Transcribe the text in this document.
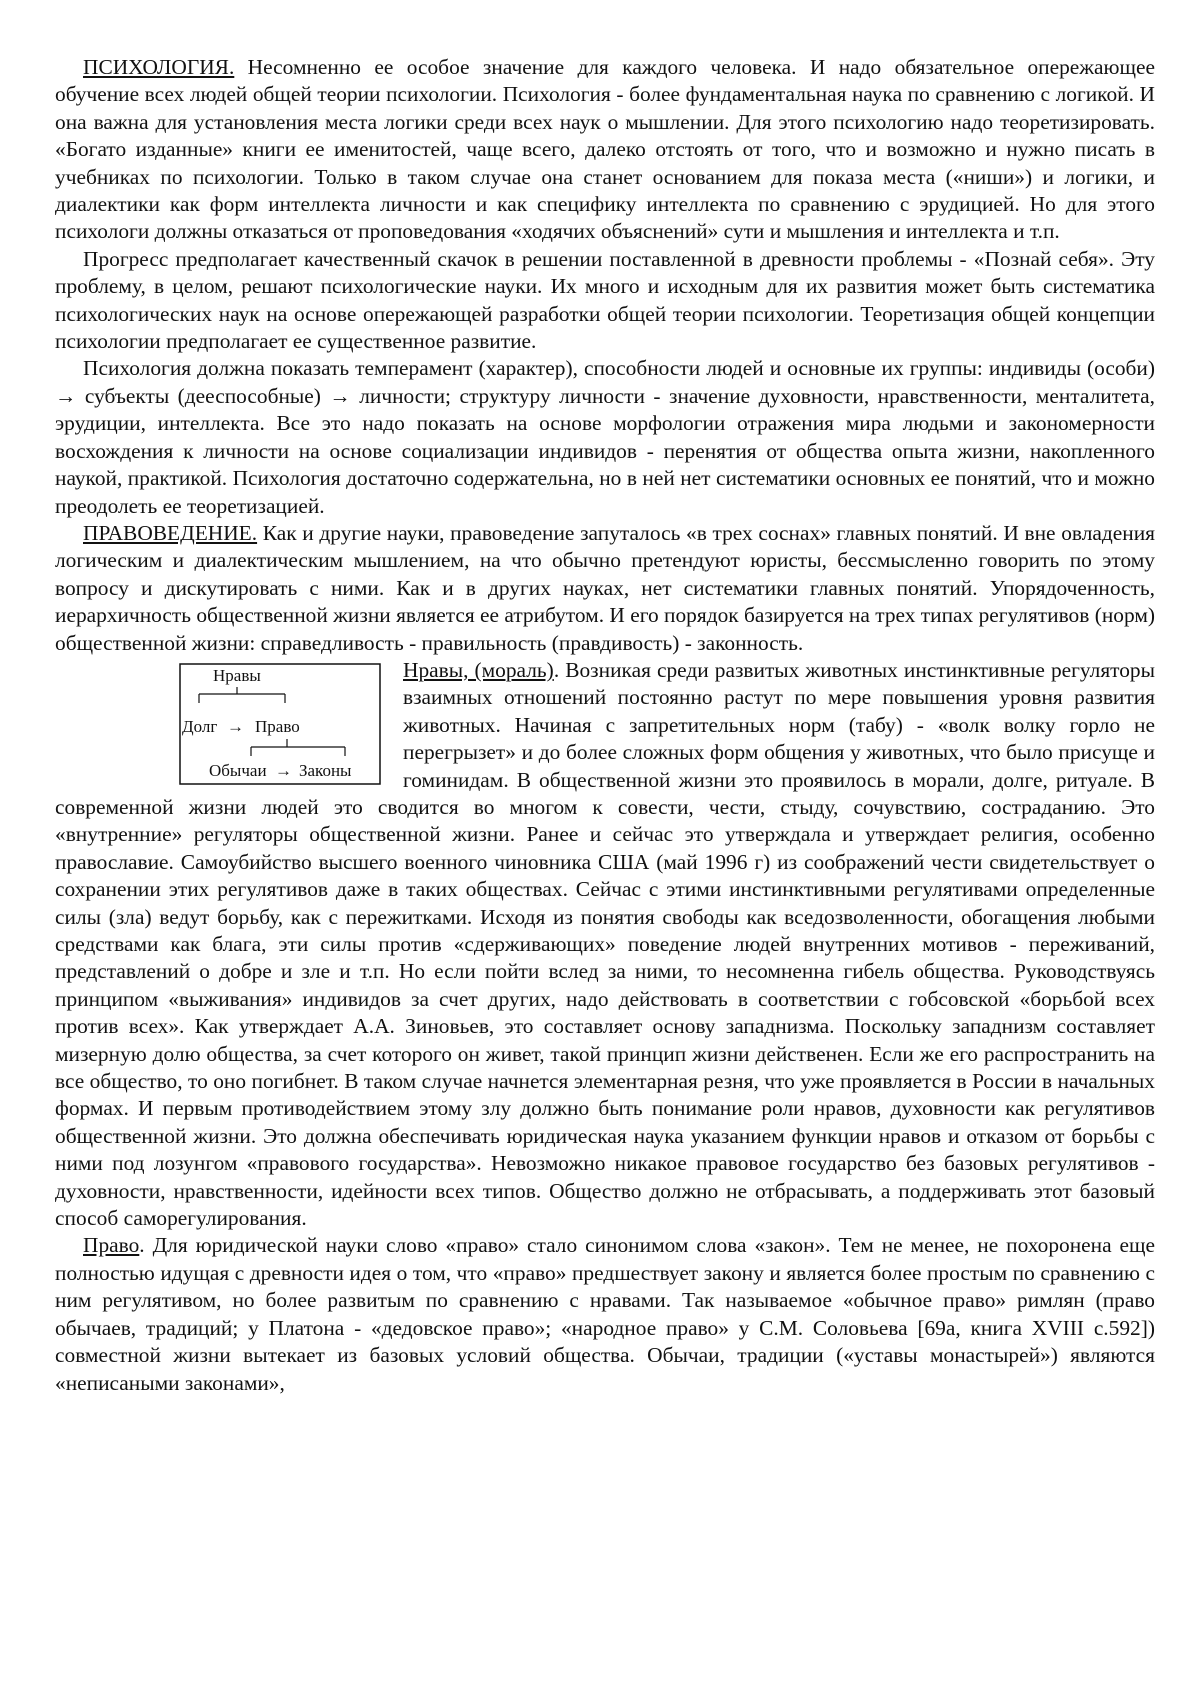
ПСИХОЛОГИЯ. Несомненно ее особое значение для каждого человека. И надо обязательное опережающее обучение всех людей общей теории психологии. Психология - более фундаментальная наука по сравнению с логикой. И она важна для установления места логики среди всех наук о мышлении. Для этого психологию надо теоретизировать. «Богато изданные» книги ее именитостей, чаще всего, далеко отстоять от того, что и возможно и нужно писать в учебниках по психологии. Только в таком случае она станет основанием для показа места («ниши») и логики, и диалектики как форм интеллекта личности и как специфику интеллекта по сравнению с эрудицией. Но для этого психологи должны отказаться от проповедования «ходячих объяснений» сути и мышления и интеллекта и т.п.

Прогресс предполагает качественный скачок в решении поставленной в древности проблемы - «Познай себя». Эту проблему, в целом, решают психологические науки. Их много и исходным для их развития может быть систематика психологических наук на основе опережающей разработки общей теории психологии. Теоретизация общей концепции психологии предполагает ее существенное развитие.

Психология должна показать темперамент (характер), способности людей и основные их группы: индивиды (особи) → субъекты (дееспособные) → личности; структуру личности - значение духовности, нравственности, менталитета, эрудиции, интеллекта. Все это надо показать на основе морфологии отражения мира людьми и закономерности восхождения к личности на основе социализации индивидов - перенятия от общества опыта жизни, накопленного наукой, практикой. Психология достаточно содержательна, но в ней нет систематики основных ее понятий, что и можно преодолеть ее теоретизацией.

ПРАВОВЕДЕНИЕ. Как и другие науки, правоведение запуталось «в трех соснах» главных понятий. И вне овладения логическим и диалектическим мышлением, на что обычно претендуют юристы, бессмысленно говорить по этому вопросу и дискутировать с ними. Как и в других науках, нет систематики главных понятий. Упорядоченность, иерархичность общественной жизни является ее атрибутом. И его порядок базируется на трех типах регулятивов (норм) общественной жизни: справедливость - правильность (правдивость) - законность.

Нравы
Долг → Право
Обычаи → Законы

Нравы, (мораль). Возникая среди развитых животных инстинктивные регуляторы взаимных отношений постоянно растут по мере повышения уровня развития животных. Начиная с запретительных норм (табу) - «волк волку горло не перегрызет» и до более сложных форм общения у животных, что было присуще и гоминидам. В общественной жизни это проявилось в морали, долге, ритуале. В современной жизни людей это сводится во многом к совести, чести, стыду, сочувствию, состраданию. Это «внутренние» регуляторы общественной жизни. Ранее и сейчас это утверждала и утверждает религия, особенно православие. Самоубийство высшего военного чиновника США (май 1996 г) из соображений чести свидетельствует о сохранении этих регулятивов даже в таких обществах. Сейчас с этими инстинктивными регулятивами определенные силы (зла) ведут борьбу, как с пережитками. Исходя из понятия свободы как вседозволенности, обогащения любыми средствами как блага, эти силы против «сдерживающих» поведение людей внутренних мотивов - переживаний, представлений о добре и зле и т.п. Но если пойти вслед за ними, то несомненна гибель общества. Руководствуясь принципом «выживания» индивидов за счет других, надо действовать в соответствии с гобсовской «борьбой всех против всех». Как утверждает А.А. Зиновьев, это составляет основу западнизма. Поскольку западнизм составляет мизерную долю общества, за счет которого он живет, такой принцип жизни действенен. Если же его распространить на все общество, то оно погибнет. В таком случае начнется элементарная резня, что уже проявляется в России в начальных формах. И первым противодействием этому злу должно быть понимание роли нравов, духовности как регулятивов общественной жизни. Это должна обеспечивать юридическая наука указанием функции нравов и отказом от борьбы с ними под лозунгом «правового государства». Невозможно никакое правовое государство без базовых регулятивов - духовности, нравственности, идейности всех типов. Общество должно не отбрасывать, а поддерживать этот базовый способ саморегулирования.

Право. Для юридической науки слово «право» стало синонимом слова «закон». Тем не менее, не похоронена еще полностью идущая с древности идея о том, что «право» предшествует закону и является более простым по сравнению с ним регулятивом, но более развитым по сравнению с нравами. Так называемое «обычное право» римлян (право обычаев, традиций; у Платона - «дедовское право»; «народное право» у С.М. Соловьева [69а, книга XVIII с.592]) совместной жизни вытекает из базовых условий общества. Обычаи, традиции («уставы монастырей») являются «неписаными законами»,
